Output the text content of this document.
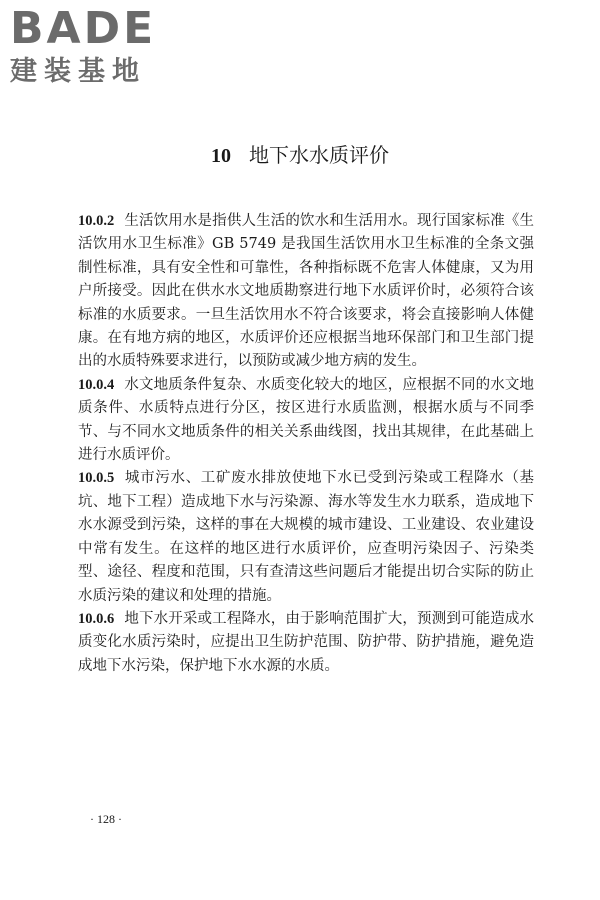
BADE
建装基地
10 地下水水质评价

10.0.2 生活饮用水是指供人生活的饮水和生活用水。现行国家标准《生活饮用水卫生标准》GB 5749 是我国生活饮用水卫生标准的全条文强制性标准，具有安全性和可靠性，各种指标既不危害人体健康，又为用户所接受。因此在供水水文地质勘察进行地下水质评价时，必须符合该标准的水质要求。一旦生活饮用水不符合该要求，将会直接影响人体健康。在有地方病的地区，水质评价还应根据当地环保部门和卫生部门提出的水质特殊要求进行，以预防或减少地方病的发生。

10.0.4 水文地质条件复杂、水质变化较大的地区，应根据不同的水文地质条件、水质特点进行分区，按区进行水质监测，根据水质与不同季节、与不同水文地质条件的相关关系曲线图，找出其规律，在此基础上进行水质评价。

10.0.5 城市污水、工矿废水排放使地下水已受到污染或工程降水（基坑、地下工程）造成地下水与污染源、海水等发生水力联系，造成地下水水源受到污染，这样的事在大规模的城市建设、工业建设、农业建设中常有发生。在这样的地区进行水质评价，应查明污染因子、污染类型、途径、程度和范围，只有查清这些问题后才能提出切合实际的防止水质污染的建议和处理的措施。

10.0.6 地下水开采或工程降水，由于影响范围扩大，预测到可能造成水质变化水质污染时，应提出卫生防护范围、防护带、防护措施，避免造成地下水污染，保护地下水水源的水质。

· 128 ·
